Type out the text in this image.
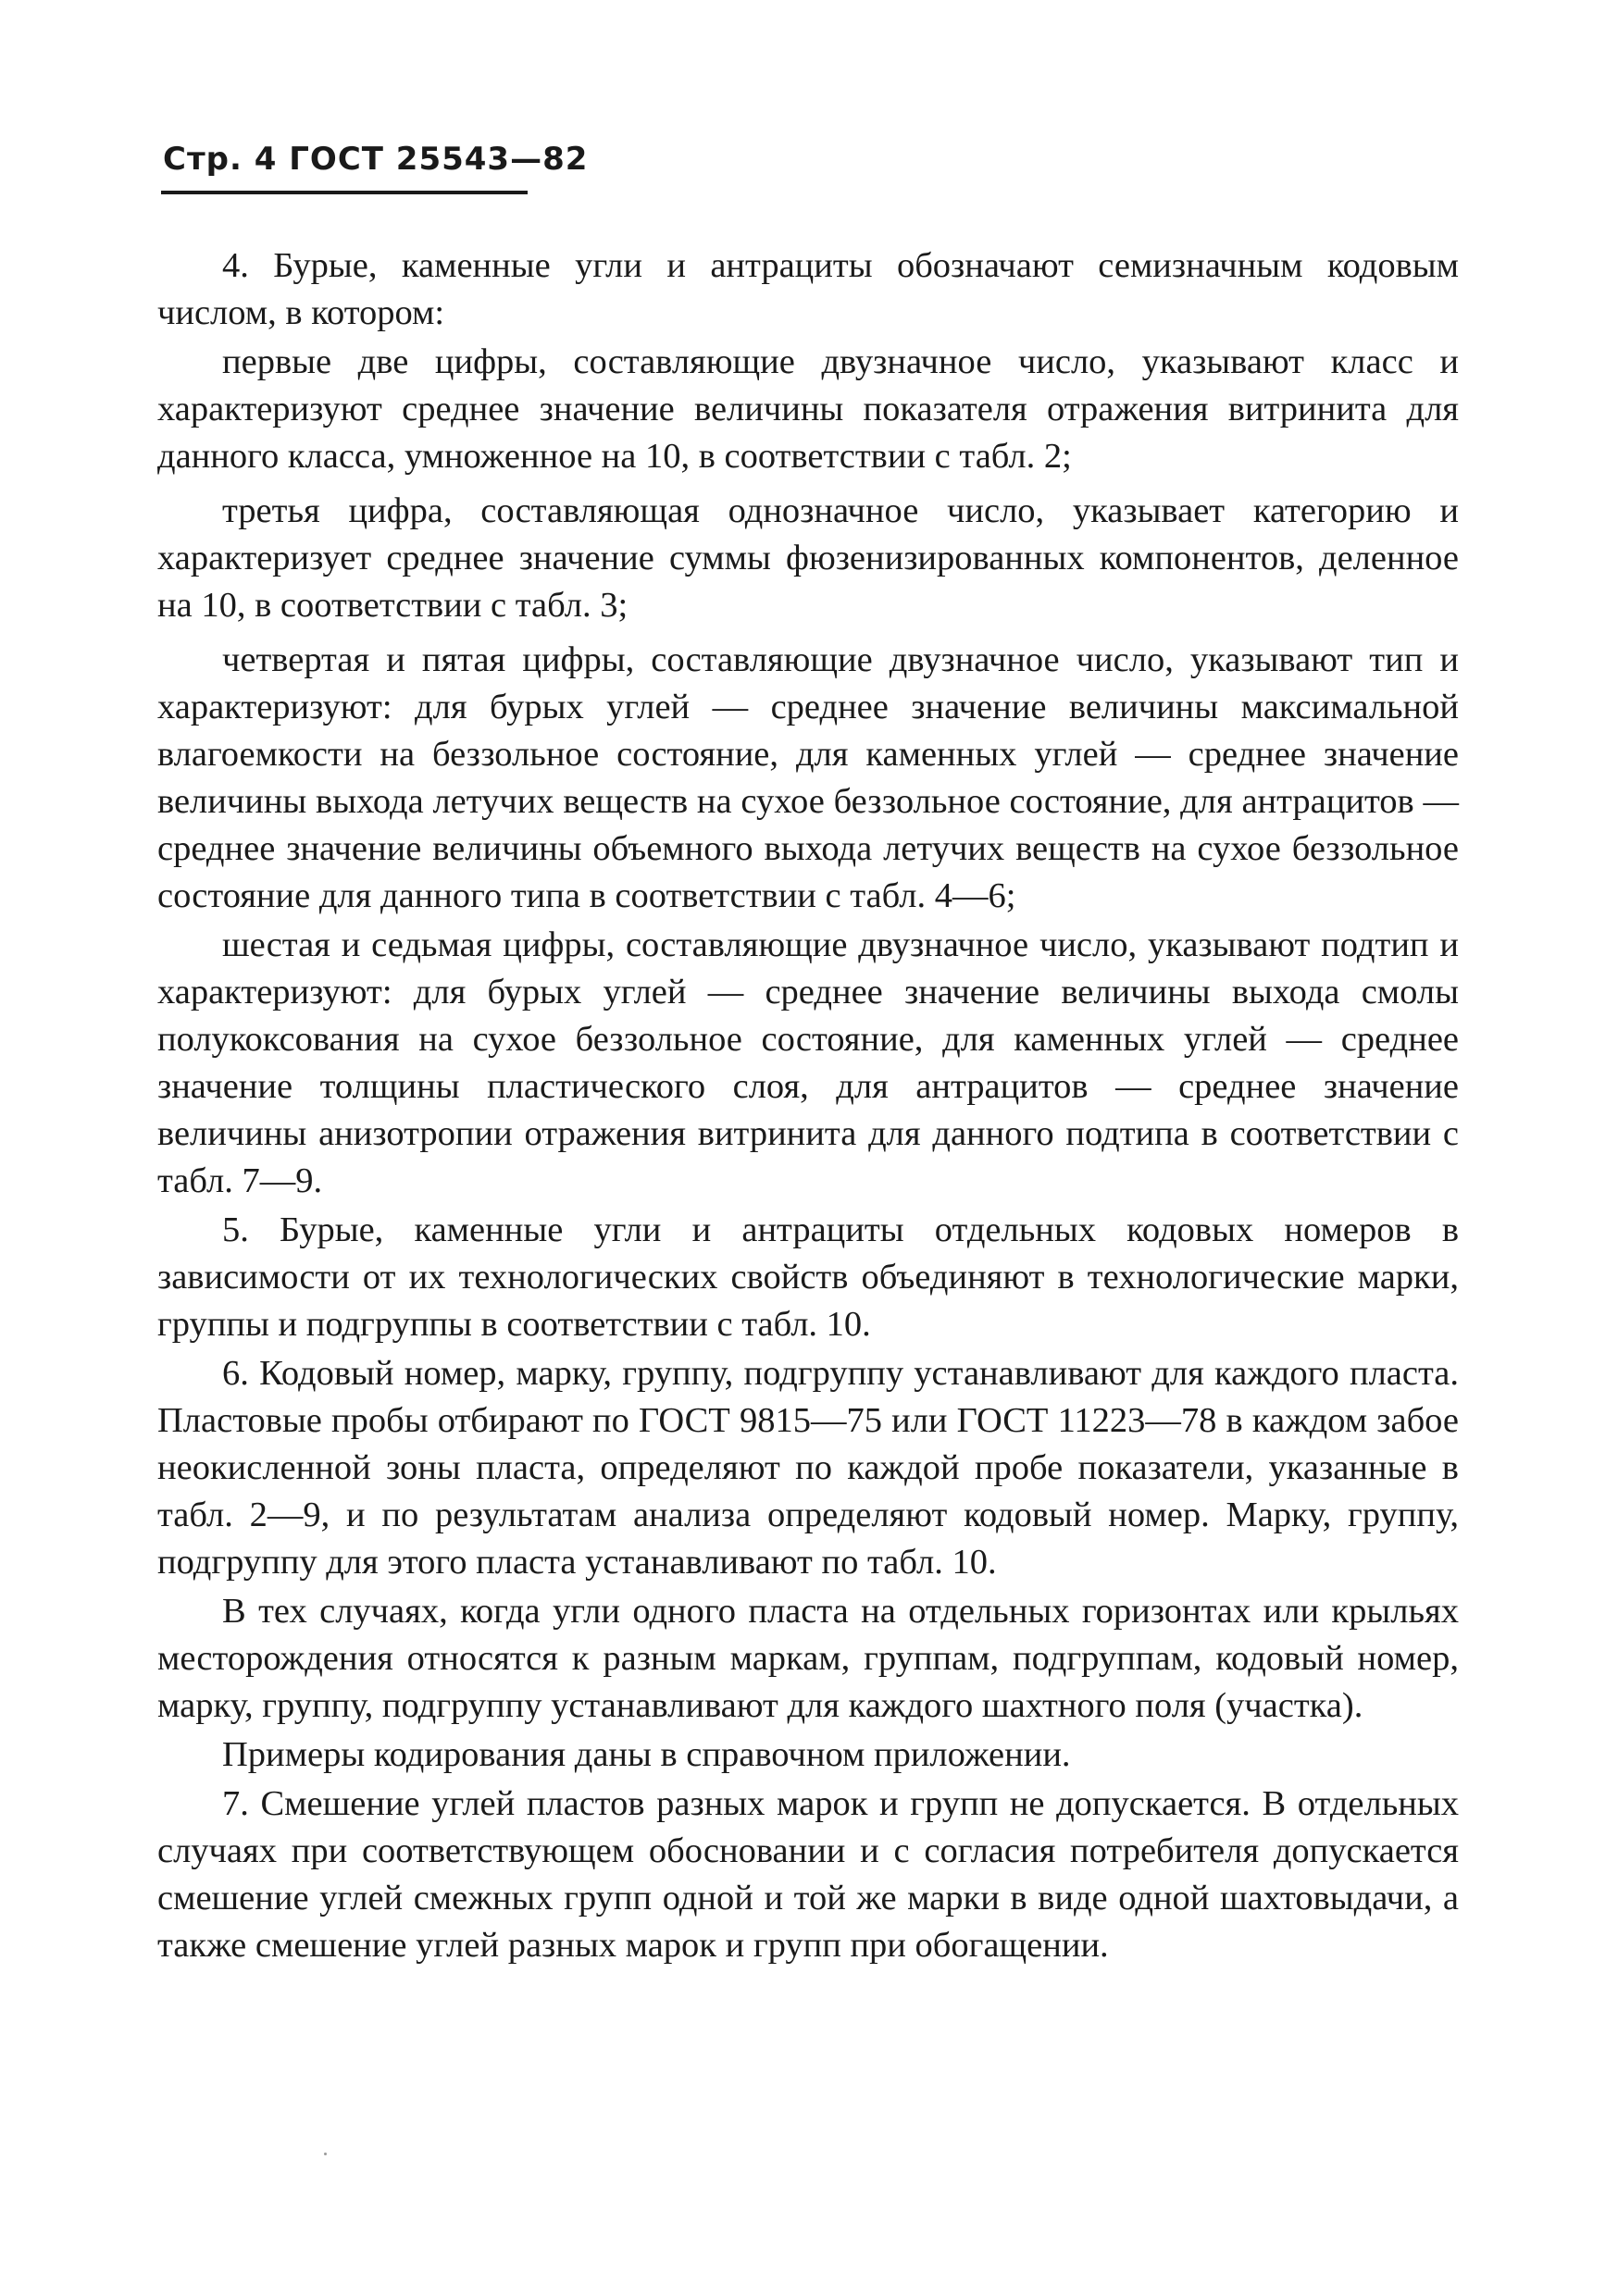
Стр. 4 ГОСТ 25543—82

4. Бурые, каменные угли и антрациты обозначают семизначным кодовым числом, в котором:

первые две цифры, составляющие двузначное число, указывают класс и характеризуют среднее значение величины показателя отражения витринита для данного класса, умноженное на 10, в соответствии с табл. 2;

третья цифра, составляющая однозначное число, указывает категорию и характеризует среднее значение суммы фюзенизированных компонентов, деленное на 10, в соответствии с табл. 3;

четвертая и пятая цифры, составляющие двузначное число, указывают тип и характеризуют: для бурых углей — среднее значение величины максимальной влагоемкости на беззольное состояние, для каменных углей — среднее значение величины выхода летучих веществ на сухое беззольное состояние, для антрацитов — среднее значение величины объемного выхода летучих веществ на сухое беззольное состояние для данного типа в соответствии с табл. 4—6;

шестая и седьмая цифры, составляющие двузначное число, указывают подтип и характеризуют: для бурых углей — среднее значение величины выхода смолы полукоксования на сухое беззольное состояние, для каменных углей — среднее значение толщины пластического слоя, для антрацитов — среднее значение величины анизотропии отражения витринита для данного подтипа в соответствии с табл. 7—9.

5. Бурые, каменные угли и антрациты отдельных кодовых номеров в зависимости от их технологических свойств объединяют в технологические марки, группы и подгруппы в соответствии с табл. 10.

6. Кодовый номер, марку, группу, подгруппу устанавливают для каждого пласта. Пластовые пробы отбирают по ГОСТ 9815—75 или ГОСТ 11223—78 в каждом забое неокисленной зоны пласта, определяют по каждой пробе показатели, указанные в табл. 2—9, и по результатам анализа определяют кодовый номер. Марку, группу, подгруппу для этого пласта устанавливают по табл. 10.

В тех случаях, когда угли одного пласта на отдельных горизонтах или крыльях месторождения относятся к разным маркам, группам, подгруппам, кодовый номер, марку, группу, подгруппу устанавливают для каждого шахтного поля (участка).

Примеры кодирования даны в справочном приложении.

7. Смешение углей пластов разных марок и групп не допускается. В отдельных случаях при соответствующем обосновании и с согласия потребителя допускается смешение углей смежных групп одной и той же марки в виде одной шахтовыдачи, а также смешение углей разных марок и групп при обогащении.
